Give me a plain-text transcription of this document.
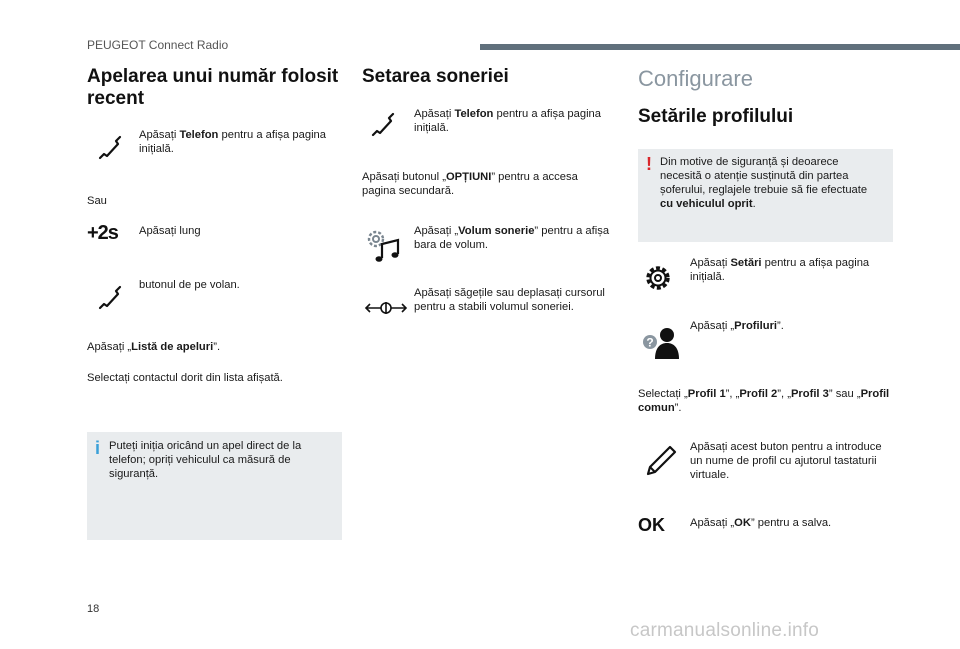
PEUGEOT Connect Radio
Apelarea unui număr folosit recent
Apăsați Telefon pentru a afișa pagina inițială.
Sau
+2s	Apăsați lung
butonul de pe volan.
Apăsați „Listă de apeluri”.
Selectați contactul dorit din lista afișată.
i Puteți iniția oricând un apel direct de la telefon; opriți vehiculul ca măsură de siguranță.
Setarea soneriei
Apăsați Telefon pentru a afișa pagina inițială.
Apăsați butonul „OPȚIUNI” pentru a accesa pagina secundară.
Apăsați „Volum sonerie” pentru a afișa bara de volum.
Apăsați săgețile sau deplasați cursorul pentru a stabili volumul soneriei.
Configurare
Setările profilului
! Din motive de siguranță și deoarece necesită o atenție susținută din partea șoferului, reglajele trebuie să fie efectuate cu vehiculul oprit.
Apăsați Setări pentru a afișa pagina inițială.
?
Apăsați „Profiluri”.
Selectați „Profil 1”, „Profil 2”, „Profil 3” sau „Profil comun”.
Apăsați acest buton pentru a introduce un nume de profil cu ajutorul tastaturii virtuale.
OK	Apăsați „OK” pentru a salva.
18
carmanualsonline.info
